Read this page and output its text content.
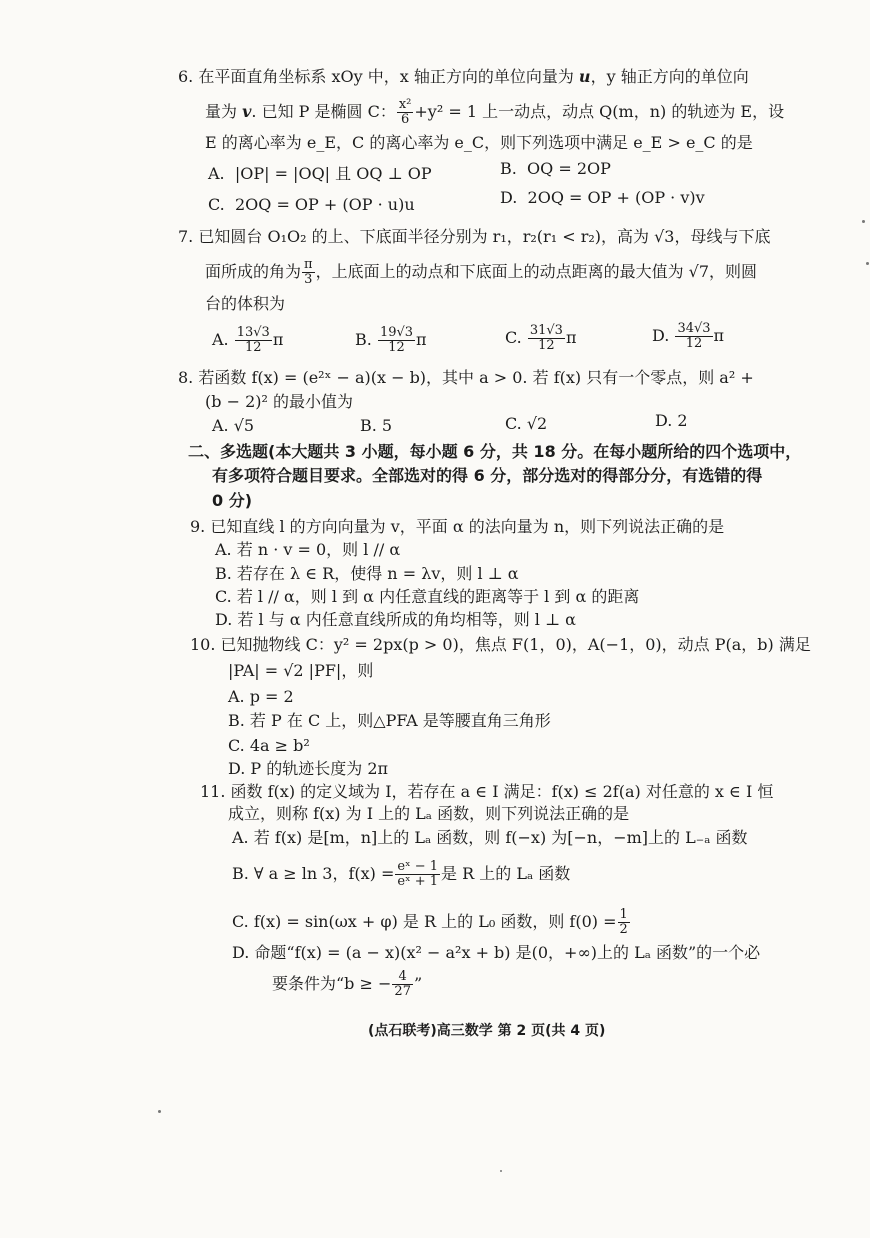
6. 在平面直角坐标系 xOy 中，x 轴正方向的单位向量为 u，y 轴正方向的单位向
量为 v. 已知 P 是椭圆 C： $\frac{\text{x²}}{6} +y^2 = 1$ 上一动点，动点 Q(m，n) 的轨迹为 E，设
E 的离心率为 e_E，C 的离心率为 e_C，则下列选项中满足 e_E > e_C 的是
A. |OP| = |OQ| 且 OQ ⊥ OP	B. OQ = 2OP
C. 2OQ = OP + (OP · u)u	D. 2OQ = OP + (OP · v)v
7. 已知圆台 O₁O₂ 的上、下底面半径分别为 r₁，r₂(r₁ < r₂)，高为 √3，母线与下底
面所成的角为 $\frac{\pi}{3}$ ，上底面上的动点和下底面上的动点距离的最大值为 √7，则圆
台的体积为
A. $\frac{13√3}{12}$ π	B. $\frac{19√3}{12}$ π	C. $\frac{31√3}{12}$ π	D. $\frac{34√3}{12}$ π
8. 若函数 f(x) = (e²ˣ − a)(x − b)，其中 a > 0. 若 f(x) 只有一个零点，则 a² +
(b − 2)² 的最小值为
A. √5	B. 5	C. √2	D. 2
二、多选题(本大题共 3 小题，每小题 6 分，共 18 分。在每小题所给的四个选项中，
有多项符合题目要求。全部选对的得 6 分，部分选对的得部分分，有选错的得
0 分)
9. 已知直线 l 的方向向量为 v，平面 α 的法向量为 n，则下列说法正确的是
A. 若 n · v = 0，则 l // α
B. 若存在 λ ∈ R，使得 n = λv，则 l ⊥ α
C. 若 l // α，则 l 到 α 内任意直线的距离等于 l 到 α 的距离
D. 若 l 与 α 内任意直线所成的角均相等，则 l ⊥ α
10. 已知抛物线 C：y² = 2px(p > 0)，焦点 F(1，0)，A(−1，0)，动点 P(a，b) 满足
|PA| = √2 |PF|，则
A. p = 2
B. 若 P 在 C 上，则△PFA 是等腰直角三角形
C. 4a ≥ b²
D. P 的轨迹长度为 2π
11. 函数 f(x) 的定义域为 I，若存在 a ∈ I 满足：f(x) ≤ 2f(a) 对任意的 x ∈ I 恒
成立，则称 f(x) 为 I 上的 Lₐ 函数，则下列说法正确的是
A. 若 f(x) 是[m，n]上的 Lₐ 函数，则 f(−x) 为[−n，−m]上的 L₋ₐ 函数
B. ∀ a ≥ ln 3，$f(x) = \frac{\text{eˣ − 1}}{\text{eˣ + 1}}$ 是 R 上的 Lₐ 函数
C. f(x) = sin(ωx + φ) 是 R 上的 L₀ 函数，则 $f(0) = \frac{1}{2}$
D. 命题“f(x) = (a − x)(x² − a²x + b) 是(0，+∞)上的 Lₐ 函数”的一个必
要条件为“b ≥ − $\frac{4}{27}$ ”
(点石联考)高三数学 第 2 页(共 4 页)
